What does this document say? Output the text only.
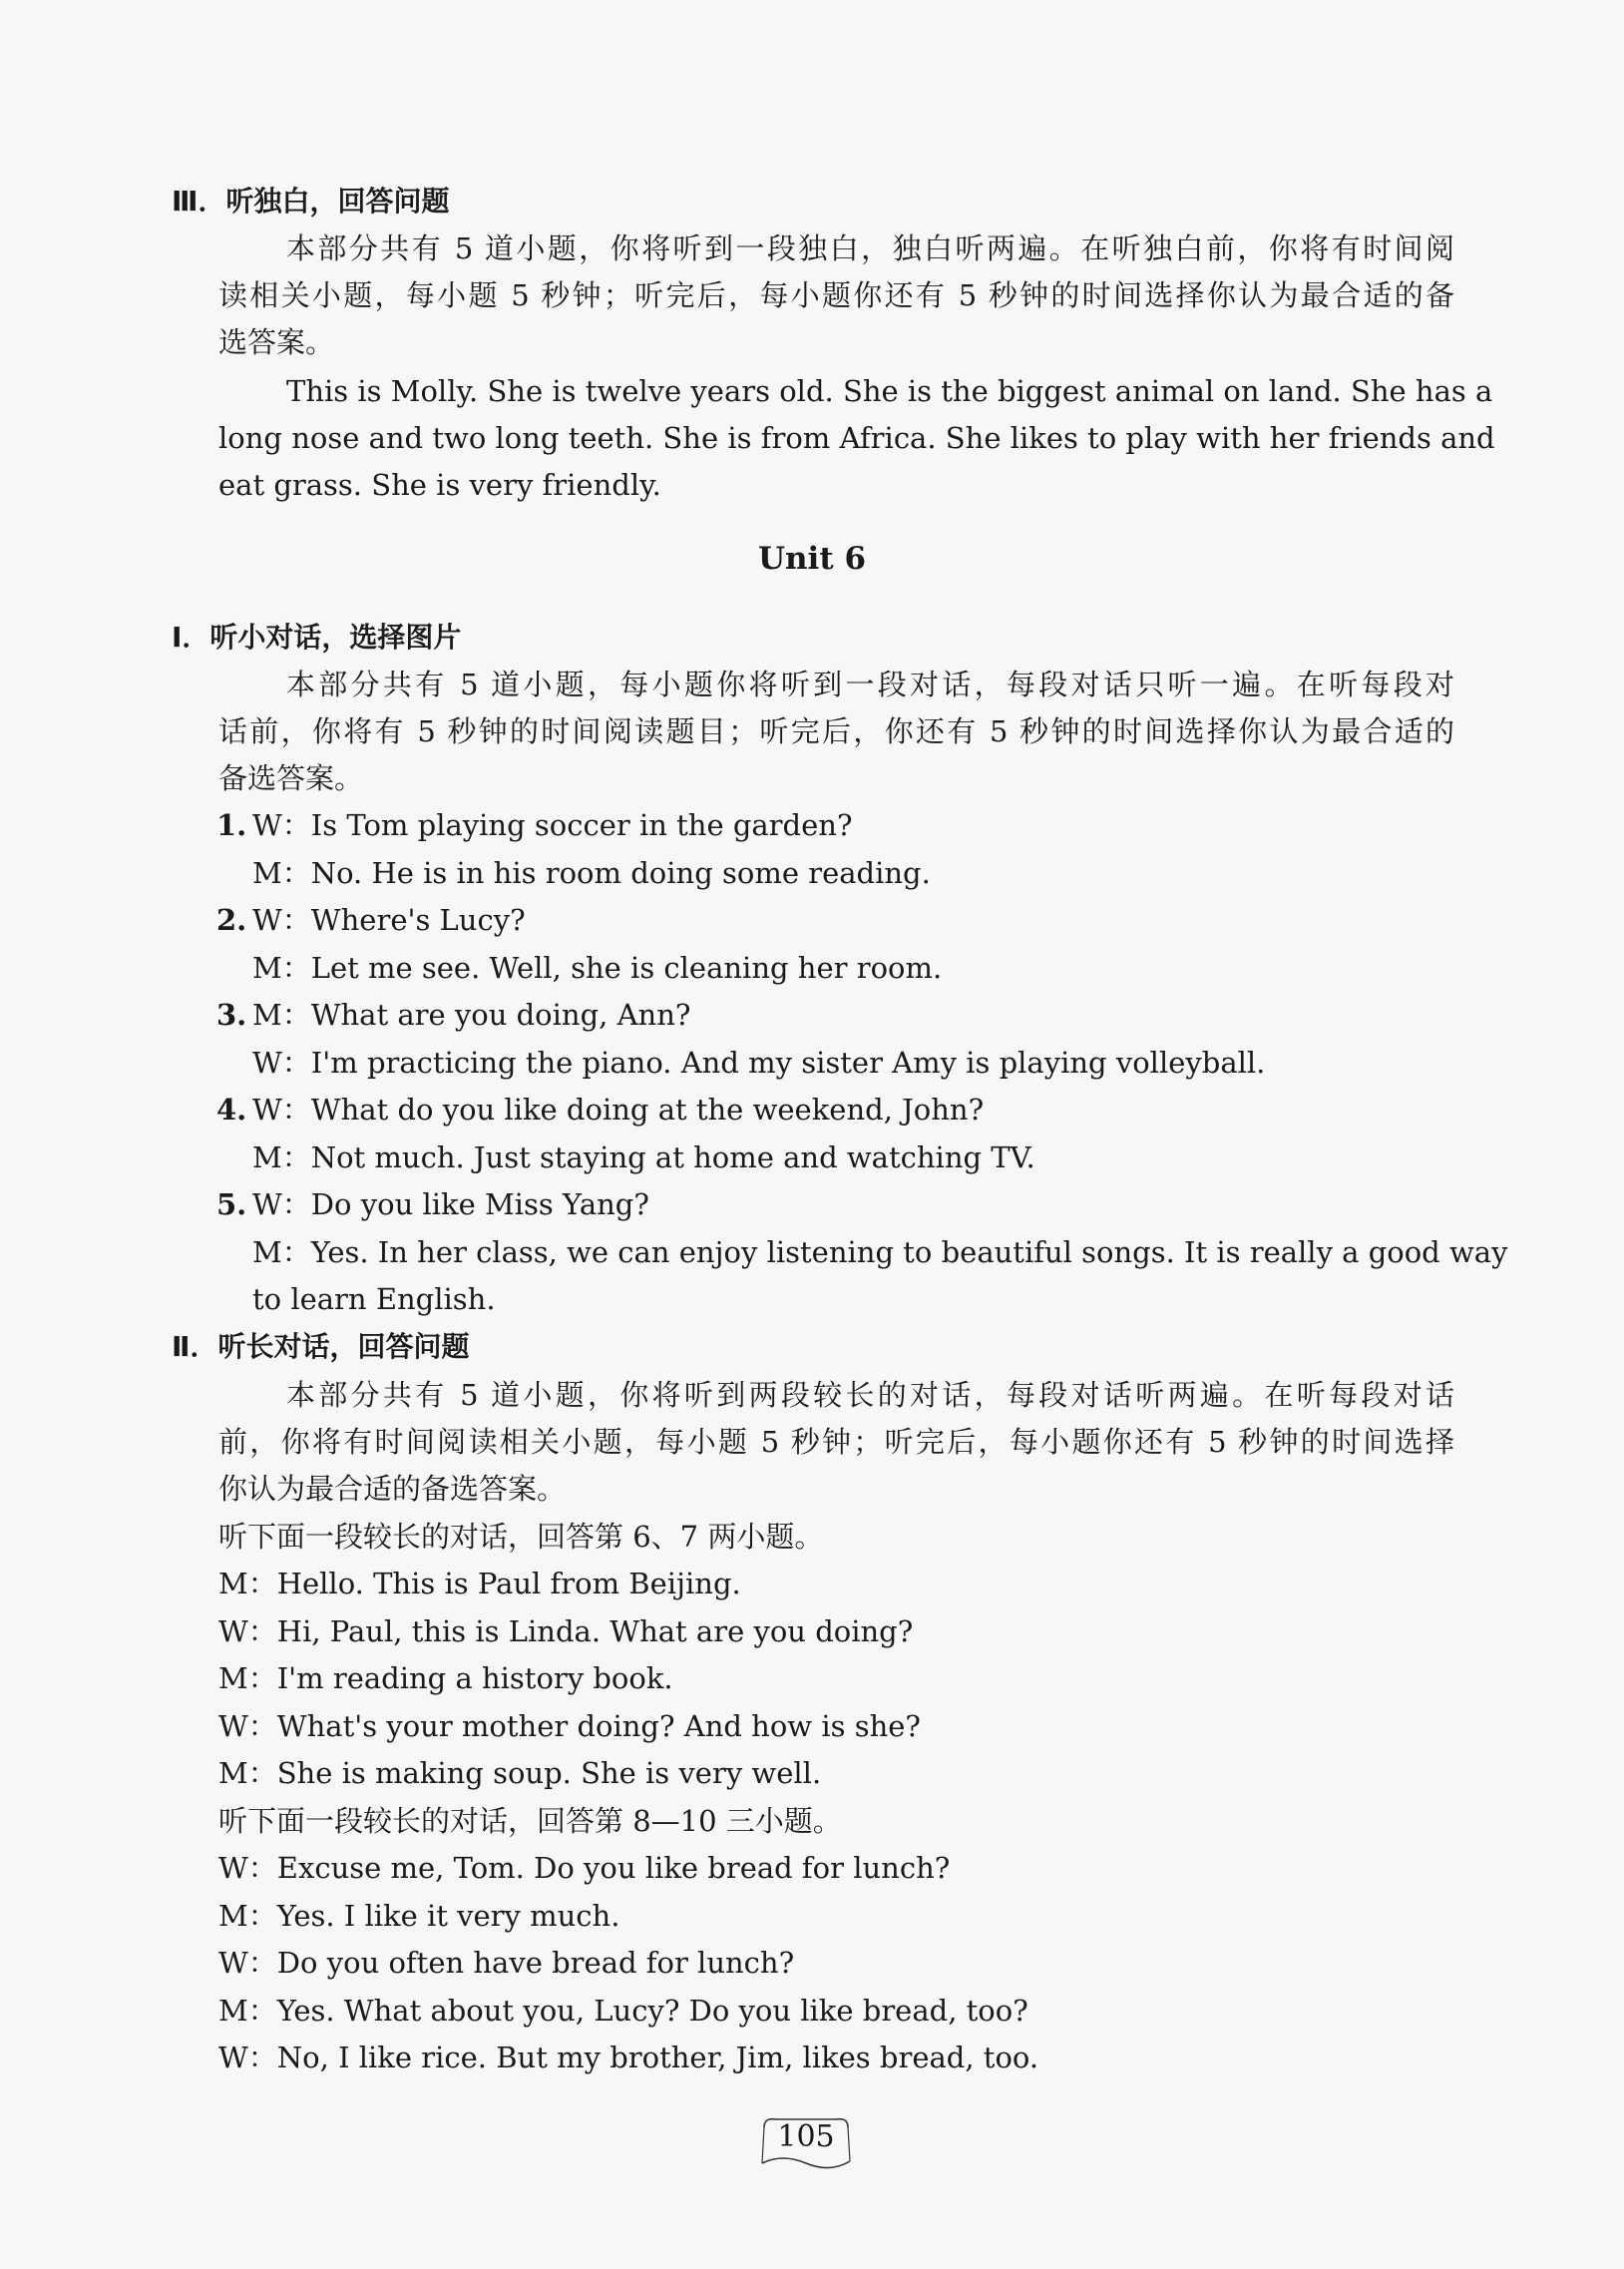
Ⅲ．听独白，回答问题
本部分共有 5 道小题，你将听到一段独白，独白听两遍。在听独白前，你将有时间阅
读相关小题，每小题 5 秒钟；听完后，每小题你还有 5 秒钟的时间选择你认为最合适的备
选答案。
This is Molly. She is twelve years old. She is the biggest animal on land. She has a
long nose and two long teeth. She is from Africa. She likes to play with her friends and
eat grass. She is very friendly.
Unit 6
Ⅰ．听小对话，选择图片
本部分共有 5 道小题，每小题你将听到一段对话，每段对话只听一遍。在听每段对
话前，你将有 5 秒钟的时间阅读题目；听完后，你还有 5 秒钟的时间选择你认为最合适的
备选答案。
1. W：Is Tom playing soccer in the garden?
M：No. He is in his room doing some reading.
2. W：Where's Lucy?
M：Let me see. Well, she is cleaning her room.
3. M：What are you doing, Ann?
W：I'm practicing the piano. And my sister Amy is playing volleyball.
4. W：What do you like doing at the weekend, John?
M：Not much. Just staying at home and watching TV.
5. W：Do you like Miss Yang?
M：Yes. In her class, we can enjoy listening to beautiful songs. It is really a good way
to learn English.
Ⅱ．听长对话，回答问题
本部分共有 5 道小题，你将听到两段较长的对话，每段对话听两遍。在听每段对话
前，你将有时间阅读相关小题，每小题 5 秒钟；听完后，每小题你还有 5 秒钟的时间选择
你认为最合适的备选答案。
听下面一段较长的对话，回答第 6、7 两小题。
M：Hello. This is Paul from Beijing.
W：Hi, Paul, this is Linda. What are you doing?
M：I'm reading a history book.
W：What's your mother doing? And how is she?
M：She is making soup. She is very well.
听下面一段较长的对话，回答第 8—10 三小题。
W：Excuse me, Tom. Do you like bread for lunch?
M：Yes. I like it very much.
W：Do you often have bread for lunch?
M：Yes. What about you, Lucy? Do you like bread, too?
W：No, I like rice. But my brother, Jim, likes bread, too.
105
